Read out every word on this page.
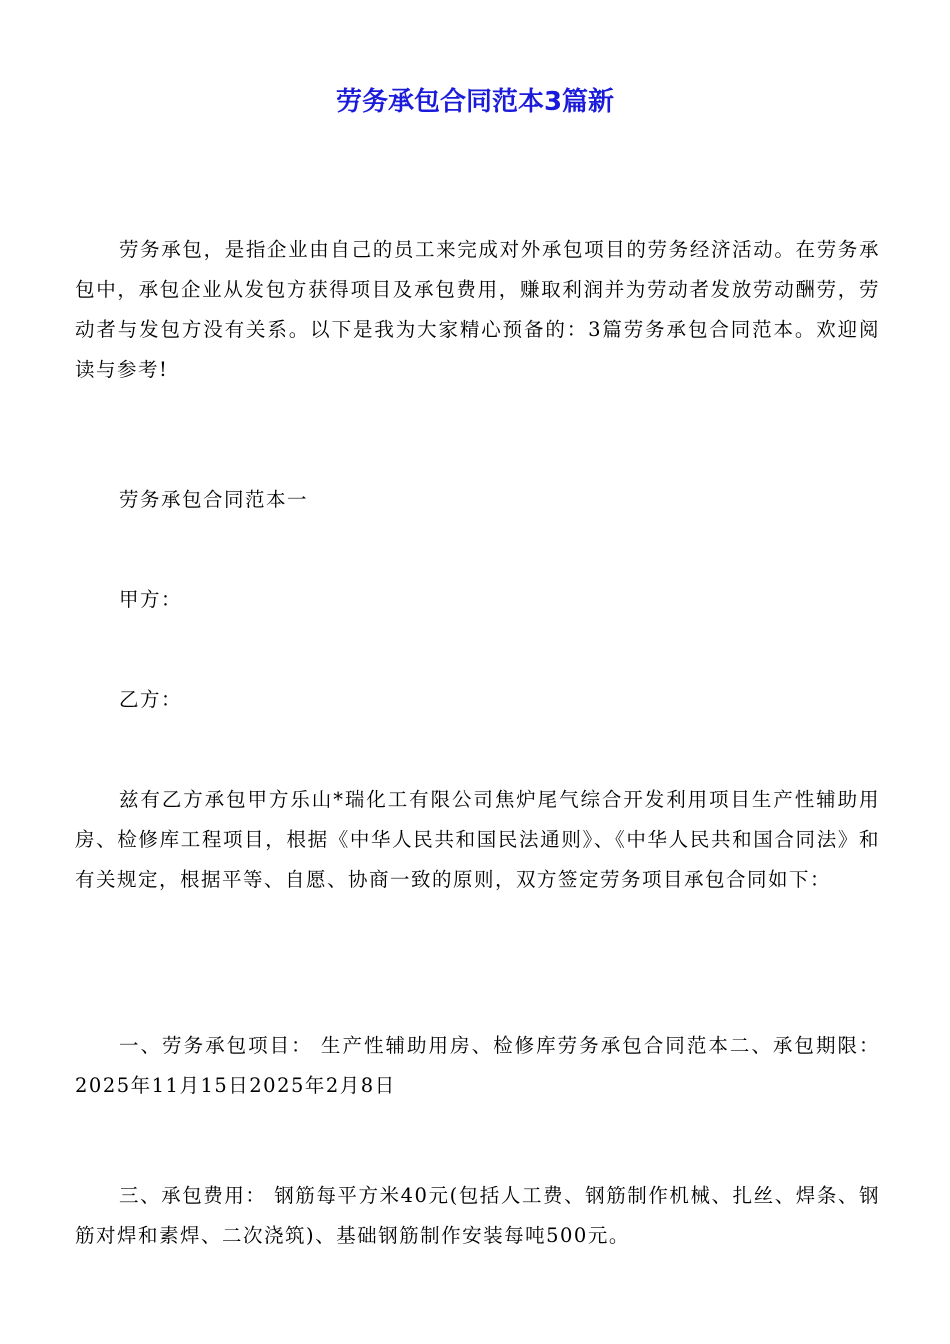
劳务承包合同范本3篇新

劳务承包，是指企业由自己的员工来完成对外承包项目的劳务经济活动。在劳务承包中，承包企业从发包方获得项目及承包费用，赚取利润并为劳动者发放劳动酬劳，劳动者与发包方没有关系。以下是我为大家精心预备的：3篇劳务承包合同范本。欢迎阅读与参考!

劳务承包合同范本一

甲方：

乙方：

兹有乙方承包甲方乐山*瑞化工有限公司焦炉尾气综合开发利用项目生产性辅助用房、检修库工程项目，根据《中华人民共和国民法通则》、《中华人民共和国合同法》和有关规定，根据平等、自愿、协商一致的原则，双方签定劳务项目承包合同如下：

一、劳务承包项目： 生产性辅助用房、检修库劳务承包合同范本二、承包期限： 2025年11月15日2025年2月8日

三、承包费用： 钢筋每平方米40元(包括人工费、钢筋制作机械、扎丝、焊条、钢筋对焊和素焊、二次浇筑)、基础钢筋制作安装每吨500元。
